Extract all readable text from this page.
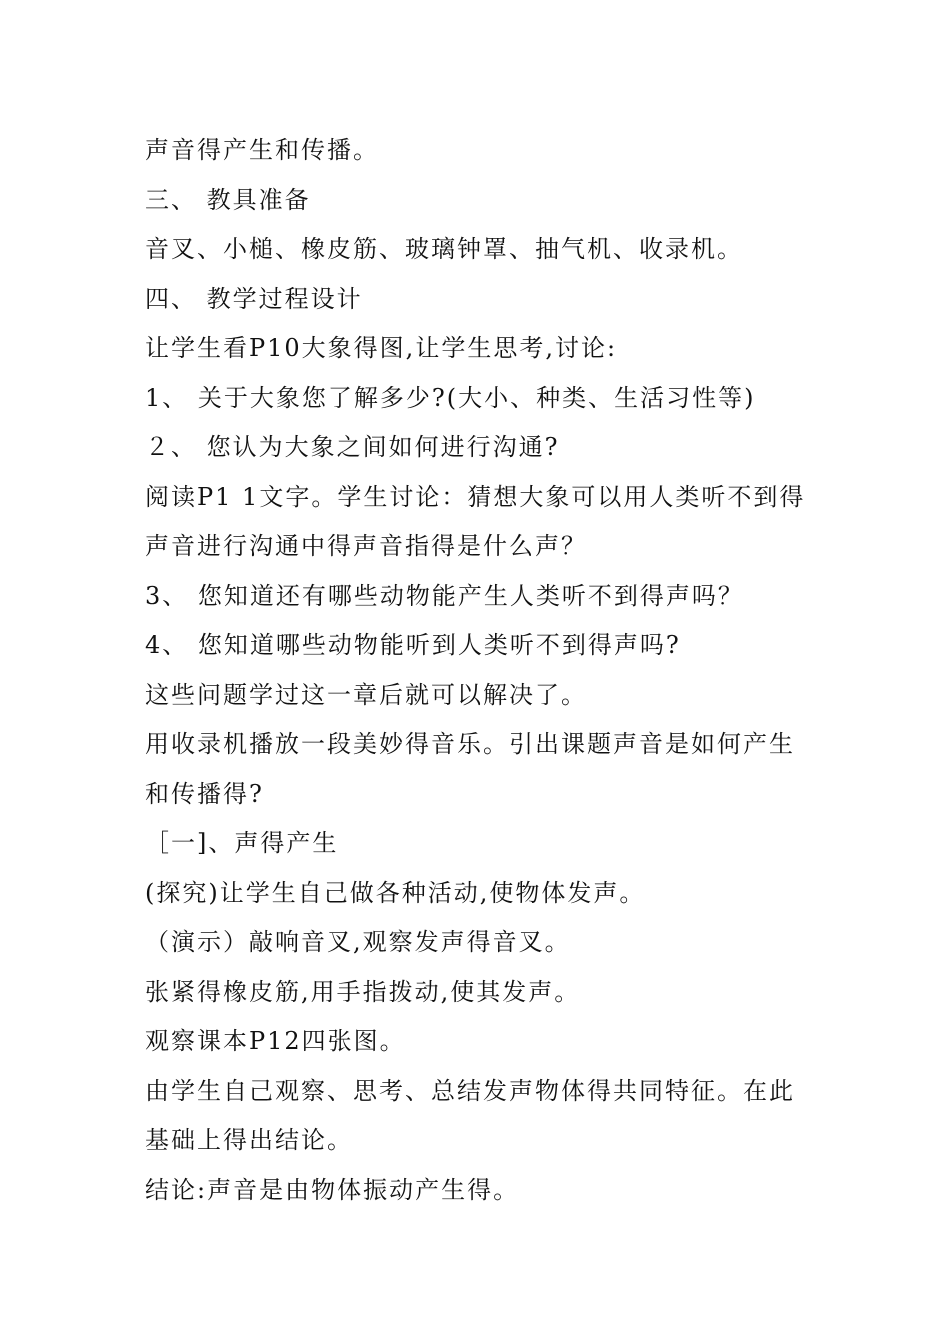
声音得产生和传播。
三、 教具准备
音叉、小槌、橡皮筋、玻璃钟罩、抽气机、收录机。
四、 教学过程设计
让学生看P10大象得图,让学生思考,讨论:
1、 关于大象您了解多少?(大小、种类、生活习性等)
２、 您认为大象之间如何进行沟通?
阅读P1 1文字。学生讨论：猜想大象可以用人类听不到得
声音进行沟通中得声音指得是什么声？
3、 您知道还有哪些动物能产生人类听不到得声吗？
4、 您知道哪些动物能听到人类听不到得声吗?
这些问题学过这一章后就可以解决了。
用收录机播放一段美妙得音乐。引出课题声音是如何产生
和传播得?
［一]、声得产生
(探究)让学生自己做各种活动,使物体发声。
（演示）敲响音叉,观察发声得音叉。
张紧得橡皮筋,用手指拨动,使其发声。
观察课本P12四张图。
由学生自己观察、思考、总结发声物体得共同特征。在此
基础上得出结论。
结论:声音是由物体振动产生得。
